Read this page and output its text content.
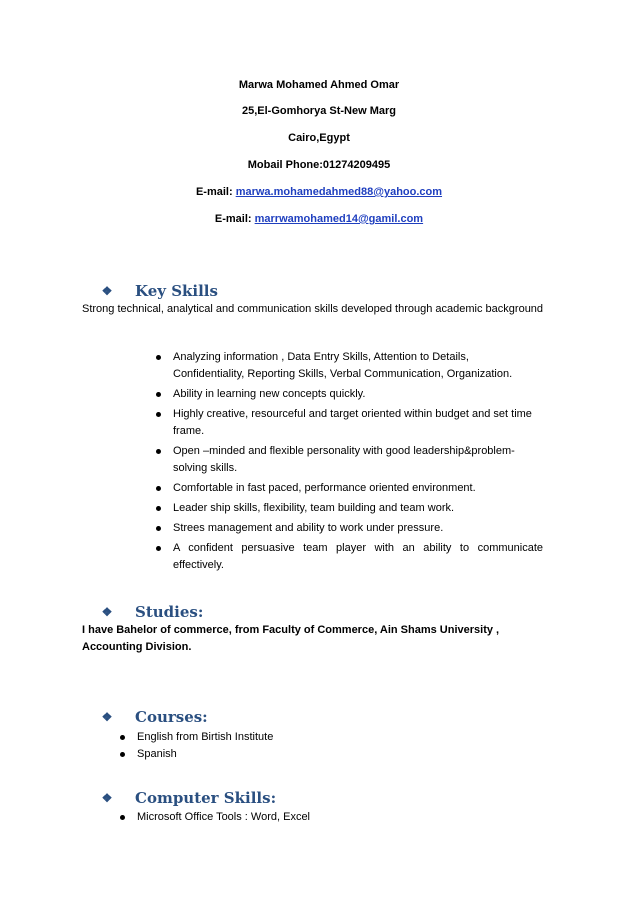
Marwa Mohamed Ahmed Omar
25,El-Gomhorya St-New Marg
Cairo,Egypt
Mobail Phone:01274209495
E-mail: marwa.mohamedahmed88@yahoo.com
E-mail: marrwamohamed14@gamil.com
❖ Key Skills
Strong technical, analytical and communication skills developed through academic background
Analyzing information , Data Entry Skills, Attention to Details, Confidentiality, Reporting Skills, Verbal Communication, Organization.
Ability in learning new concepts quickly.
Highly creative, resourceful and target oriented within budget and set time frame.
Open –minded and flexible personality with good leadership&problem-solving skills.
Comfortable in fast paced, performance oriented environment.
Leader ship skills, flexibility, team building and team work.
Strees management and ability to work under pressure.
A confident persuasive team player with an ability to communicate effectively.
❖ Studies:
I have Bahelor of commerce, from Faculty of Commerce, Ain Shams University , Accounting Division.
❖ Courses:
English from Birtish Institute
Spanish
❖ Computer Skills:
Microsoft Office Tools : Word, Excel
